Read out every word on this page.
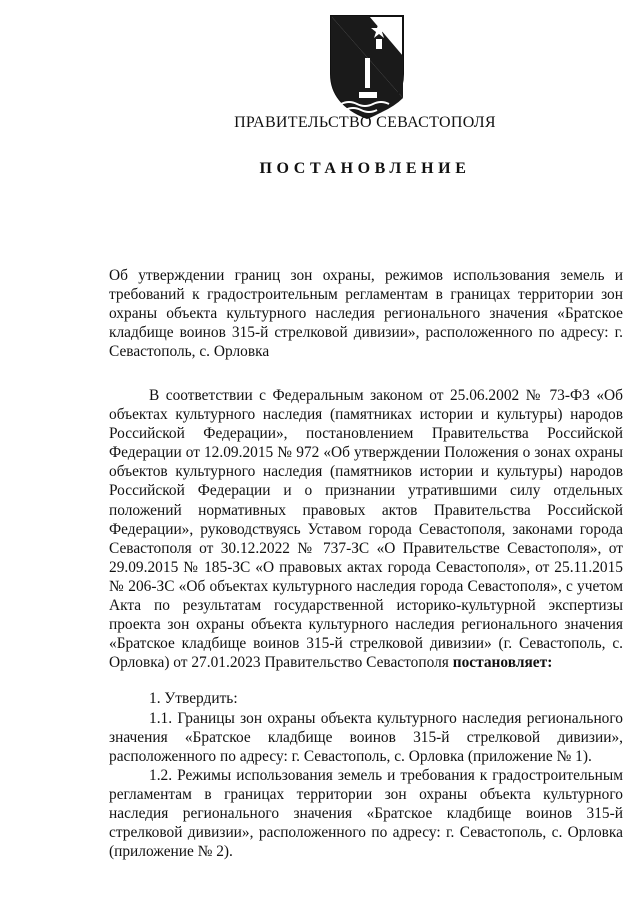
ПРАВИТЕЛЬСТВО СЕВАСТОПОЛЯ
ПОСТАНОВЛЕНИЕ
Об утверждении границ зон охраны, режимов использования земель и требований к градостроительным регламентам в границах территории зон охраны объекта культурного наследия регионального значения «Братское кладбище воинов 315-й стрелковой дивизии», расположенного по адресу: г. Севастополь, с. Орловка

В соответствии с Федеральным законом от 25.06.2002 № 73-ФЗ «Об объектах культурного наследия (памятниках истории и культуры) народов Российской Федерации», постановлением Правительства Российской Федерации от 12.09.2015 № 972 «Об утверждении Положения о зонах охраны объектов культурного наследия (памятников истории и культуры) народов Российской Федерации и о признании утратившими силу отдельных положений нормативных правовых актов Правительства Российской Федерации», руководствуясь Уставом города Севастополя, законами города Севастополя от 30.12.2022 № 737-ЗС «О Правительстве Севастополя», от 29.09.2015 № 185-ЗС «О правовых актах города Севастополя», от 25.11.2015 № 206-ЗС «Об объектах культурного наследия города Севастополя», с учетом Акта по результатам государственной историко-культурной экспертизы проекта зон охраны объекта культурного наследия регионального значения «Братское кладбище воинов 315-й стрелковой дивизии» (г. Севастополь, с. Орловка) от 27.01.2023 Правительство Севастополя постановляет:

1. Утвердить:

1.1. Границы зон охраны объекта культурного наследия регионального значения «Братское кладбище воинов 315-й стрелковой дивизии», расположенного по адресу: г. Севастополь, с. Орловка (приложение № 1).

1.2. Режимы использования земель и требования к градостроительным регламентам в границах территории зон охраны объекта культурного наследия регионального значения «Братское кладбище воинов 315-й стрелковой дивизии», расположенного по адресу: г. Севастополь, с. Орловка (приложение № 2).
